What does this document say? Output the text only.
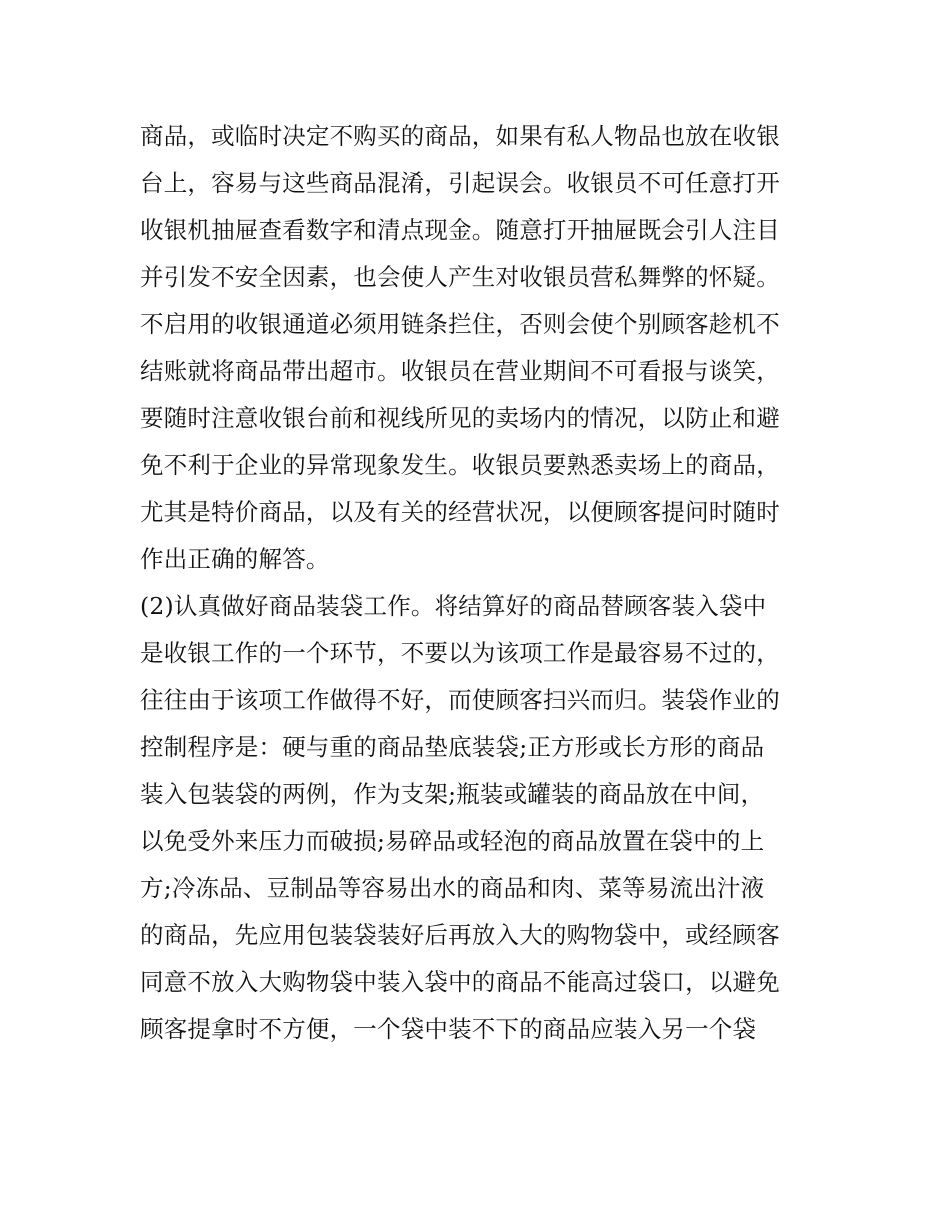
商品，或临时决定不购买的商品，如果有私人物品也放在收银
台上，容易与这些商品混淆，引起误会。收银员不可任意打开
收银机抽屉查看数字和清点现金。随意打开抽屉既会引人注目
并引发不安全因素，也会使人产生对收银员营私舞弊的怀疑。
不启用的收银通道必须用链条拦住，否则会使个别顾客趁机不
结账就将商品带出超市。收银员在营业期间不可看报与谈笑，
要随时注意收银台前和视线所见的卖场内的情况，以防止和避
免不利于企业的异常现象发生。收银员要熟悉卖场上的商品，
尤其是特价商品，以及有关的经营状况，以便顾客提问时随时
作出正确的解答。
(2)认真做好商品装袋工作。将结算好的商品替顾客装入袋中
是收银工作的一个环节，不要以为该项工作是最容易不过的，
往往由于该项工作做得不好，而使顾客扫兴而归。装袋作业的
控制程序是：硬与重的商品垫底装袋;正方形或长方形的商品
装入包装袋的两例，作为支架;瓶装或罐装的商品放在中间，
以免受外来压力而破损;易碎品或轻泡的商品放置在袋中的上
方;冷冻品、豆制品等容易出水的商品和肉、菜等易流出汁液
的商品，先应用包装袋装好后再放入大的购物袋中，或经顾客
同意不放入大购物袋中装入袋中的商品不能高过袋口，以避免
顾客提拿时不方便，一个袋中装不下的商品应装入另一个袋
